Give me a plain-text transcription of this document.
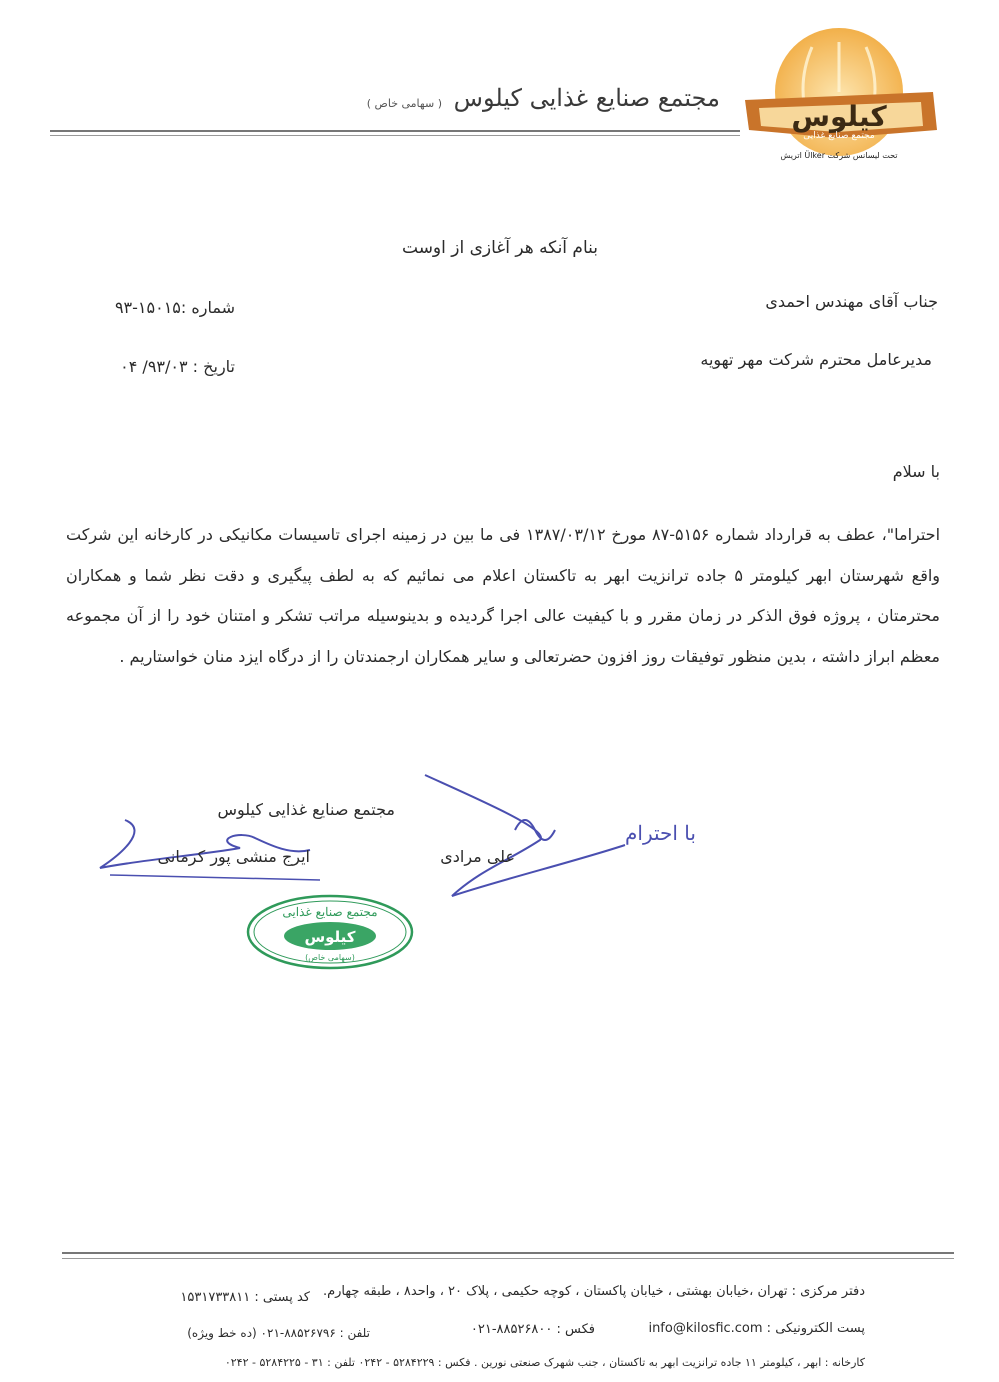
مجتمع صنایع غذایی کیلوس
( سهامی خاص )	کیلوس
مجتمع صنایع غذایی
تحت لیسانس شرکت Ülker اتریش
بنام آنکه هر آغازی از اوست
جناب آقای مهندس احمدی
مدیرعامل محترم شرکت مهر تهویه
شماره :۱۵۰۱۵-۹۳
تاریخ : ۹۳/۰۳/ ۰۴
با سلام
احتراما"، عطف به قرارداد شماره ۵۱۵۶-۸۷ مورخ ۱۳۸۷/۰۳/۱۲ فی ما بین در زمینه اجرای تاسیسات مکانیکی در کارخانه این شرکت واقع شهرستان ابهر کیلومتر ۵ جاده ترانزیت ابهر به تاکستان اعلام می نمائیم که به لطف پیگیری و دقت نظر شما و همکاران محترمتان ، پروژه فوق الذکر در زمان مقرر و با کیفیت عالی اجرا گردیده و بدینوسیله مراتب تشکر و امتنان خود را از آن مجموعه معظم ابراز داشته ، بدین منظور توفیقات روز افزون حضرتعالی و سایر همکاران ارجمندتان را از درگاه ایزد منان خواستاریم .
با احترام
مجتمع صنایع غذایی
کیلوس
(سهامی خاص)
مجتمع صنایع غذایی کیلوس
ایرج منشی پور کرمانی	علی مرادی
دفتر مرکزی : تهران ،خیابان بهشتی ، خیابان پاکستان ، کوچه حکیمی ، پلاک ۲۰ ، واحد۸ ، طبقه چهارم.
کد پستی : ۱۵۳۱۷۳۳۸۱۱
پست الکترونیکی : info@kilosfic.com
فکس : ۸۸۵۲۶۸۰۰-۰۲۱
تلفن : ۸۸۵۲۶۷۹۶-۰۲۱ (ده خط ویژه)
کارخانه : ابهر ، کیلومتر ۱۱ جاده ترانزیت ابهر به تاکستان ، جنب شهرک صنعتی نورین . فکس : ۵۲۸۴۲۲۹ - ۰۲۴۲ تلفن : ۳۱ - ۵۲۸۴۲۲۵ - ۰۲۴۲
